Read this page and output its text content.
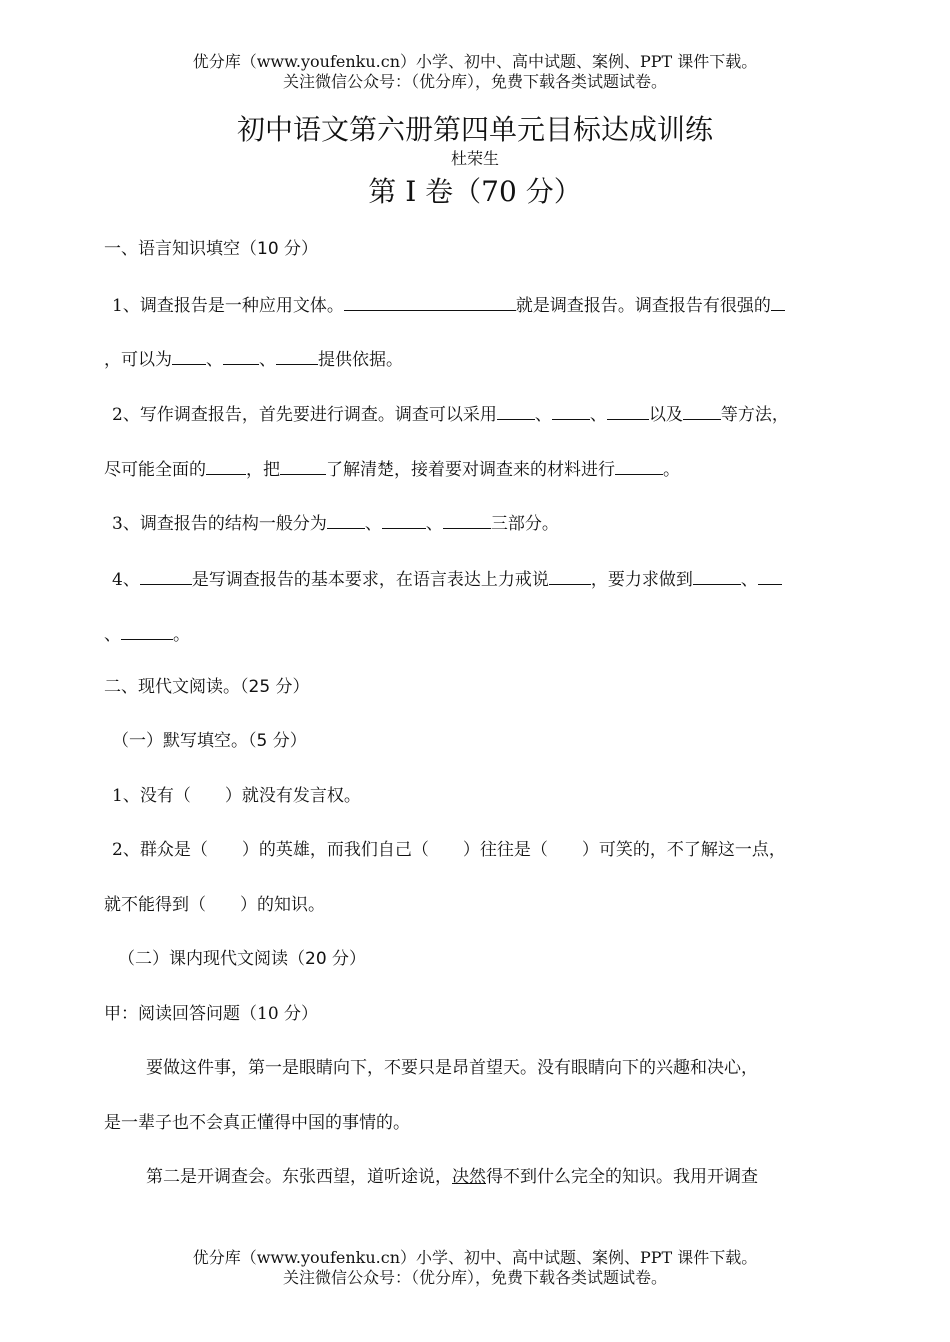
优分库（www.youfenku.cn）小学、初中、高中试题、案例、PPT 课件下载。
关注微信公众号：（优分库），免费下载各类试题试卷。
初中语文第六册第四单元目标达成训练
杜荣生
第 I 卷（70 分）
一、语言知识填空（10 分）
1、调查报告是一种应用文体。	就是调查报告。调查报告有很强的
，可以为 、 、 提供依据。
2、写作调查报告，首先要进行调查。调查可以采用 、 、 以及 等方法，
尽可能全面的 ，把	了解清楚，接着要对调查来的材料进行	。
3、调查报告的结构一般分为 、	、	三部分。
4、	是写调查报告的基本要求，在语言表达上力戒说 ，要力求做到	、
、	。
二、现代文阅读。（25 分）
（一）默写填空。（5 分）
1、没有（　　）就没有发言权。
2、群众是（　　）的英雄，而我们自己（　　）往往是（　　）可笑的，不了解这一点，
就不能得到（　　）的知识。
（二）课内现代文阅读（20 分）
甲：阅读回答问题（10 分）
要做这件事，第一是眼睛向下，不要只是昂首望天。没有眼睛向下的兴趣和决心，
是一辈子也不会真正懂得中国的事情的。
第二是开调查会。东张西望，道听途说，决然得不到什么完全的知识。我用开调查
优分库（www.youfenku.cn）小学、初中、高中试题、案例、PPT 课件下载。
关注微信公众号：（优分库），免费下载各类试题试卷。
